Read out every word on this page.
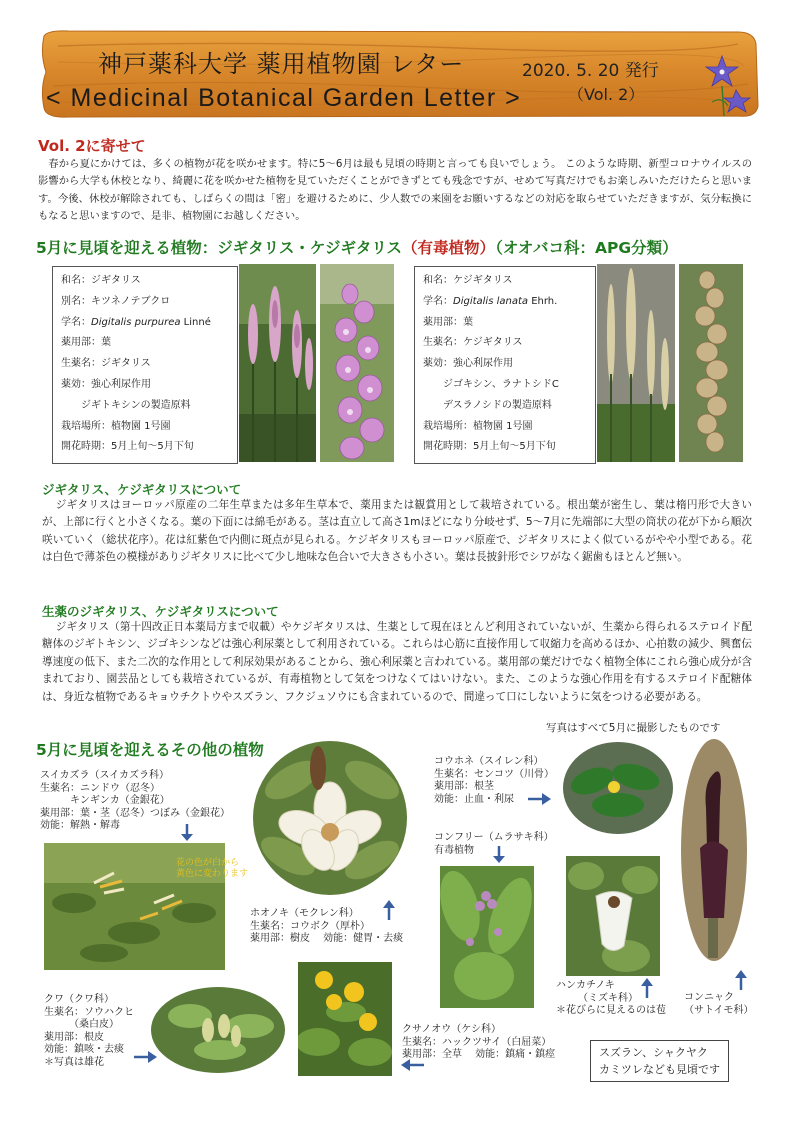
神戸薬科大学 薬用植物園 レター
< Medicinal Botanical Garden Letter >
2020. 5. 20 発行
（Vol. 2）
Vol. 2に寄せて
春から夏にかけては、多くの植物が花を咲かせます。特に5～6月は最も見頃の時期と言っても良いでしょう。 このような時期、新型コロナウイルスの影響から大学も休校となり、綺麗に花を咲かせた植物を見ていただくことができずとても残念ですが、せめて写真だけでもお楽しみいただけたらと思います。今後、休校が解除されても、しばらくの間は「密」を避けるために、少人数での来園をお願いするなどの対応を取らせていただきますが、気分転換にもなると思いますので、是非、植物園にお越しください。
5月に見頃を迎える植物：ジギタリス・ケジギタリス（有毒植物）（オオバコ科：APG分類）
和名：ジギタリス
別名：キツネノテブクロ
学名：Digitalis purpurea Linné
薬用部：葉
生薬名：ジギタリス
薬効：強心利尿作用
　　ジギトキシンの製造原料
栽培場所：植物園 1号園
開花時期：5月上旬～5月下旬
和名：ケジギタリス
学名：Digitalis lanata Ehrh.
薬用部：葉
生薬名：ケジギタリス
薬効：強心利尿作用
　　ジゴキシン、ラナトシドC
　　デスラノシドの製造原料
栽培場所：植物園 1号園
開花時期：5月上旬～5月下旬
ジギタリス、ケジギタリスについて
ジギタリスはヨーロッパ原産の二年生草または多年生草本で、薬用または観賞用として栽培されている。根出葉が密生し、葉は楕円形で大きいが、上部に行くと小さくなる。葉の下面には綿毛がある。茎は直立して高さ1mほどになり分岐せず、5～7月に先端部に大型の筒状の花が下から順次咲いていく（総状花序）。花は紅紫色で内側に斑点が見られる。ケジギタリスもヨーロッパ原産で、ジギタリスによく似ているがやや小型である。花は白色で薄茶色の模様がありジギタリスに比べて少し地味な色合いで大きさも小さい。葉は長披針形でシワがなく鋸歯もほとんど無い。
生薬のジギタリス、ケジギタリスについて
ジギタリス（第十四改正日本薬局方まで収載）やケジギタリスは、生薬として現在ほとんど利用されていないが、生薬から得られるステロイド配糖体のジギトキシン、ジゴキシンなどは強心利尿薬として利用されている。これらは心筋に直接作用して収縮力を高めるほか、心拍数の減少、興奮伝導速度の低下、また二次的な作用として利尿効果があることから、強心利尿薬と言われている。薬用部の葉だけでなく植物全体にこれら強心成分が含まれており、園芸品としても栽培されているが、有毒植物として気をつけなくてはいけない。また、このような強心作用を有するステロイド配糖体は、身近な植物であるキョウチクトウやスズラン、フクジュソウにも含まれているので、間違って口にしないように気をつける必要がある。
5月に見頃を迎えるその他の植物
写真はすべて5月に撮影したものです
スイカズラ（スイカズラ科）
生薬名：ニンドウ（忍冬）
　　　キンギンカ（金銀花）
薬用部：葉・茎（忍冬）つぼみ（金銀花）
効能：解熱・解毒
花の色が白から
黄色に変わります
ホオノキ（モクレン科）
生薬名：コウボク（厚朴）
薬用部：樹皮　 効能：健胃・去痰
コウホネ（スイレン科）
生薬名：センコツ（川骨）
薬用部：根茎
効能：止血・利尿
コンフリー（ムラサキ科）
有毒植物
ハンカチノキ
（ミズキ科）
＊花びらに見えるのは苞
コンニャク
（サトイモ科）
クワ（クワ科）
生薬名：ソウハクヒ
　　　（桑白皮）
薬用部：根皮
効能：鎮咳・去痰
＊写真は雄花
クサノオウ（ケシ科）
生薬名：ハックツサイ（白屈菜）
薬用部：全草　 効能：鎮痛・鎮痙	スズラン、シャクヤク
カミツレなども見頃です
